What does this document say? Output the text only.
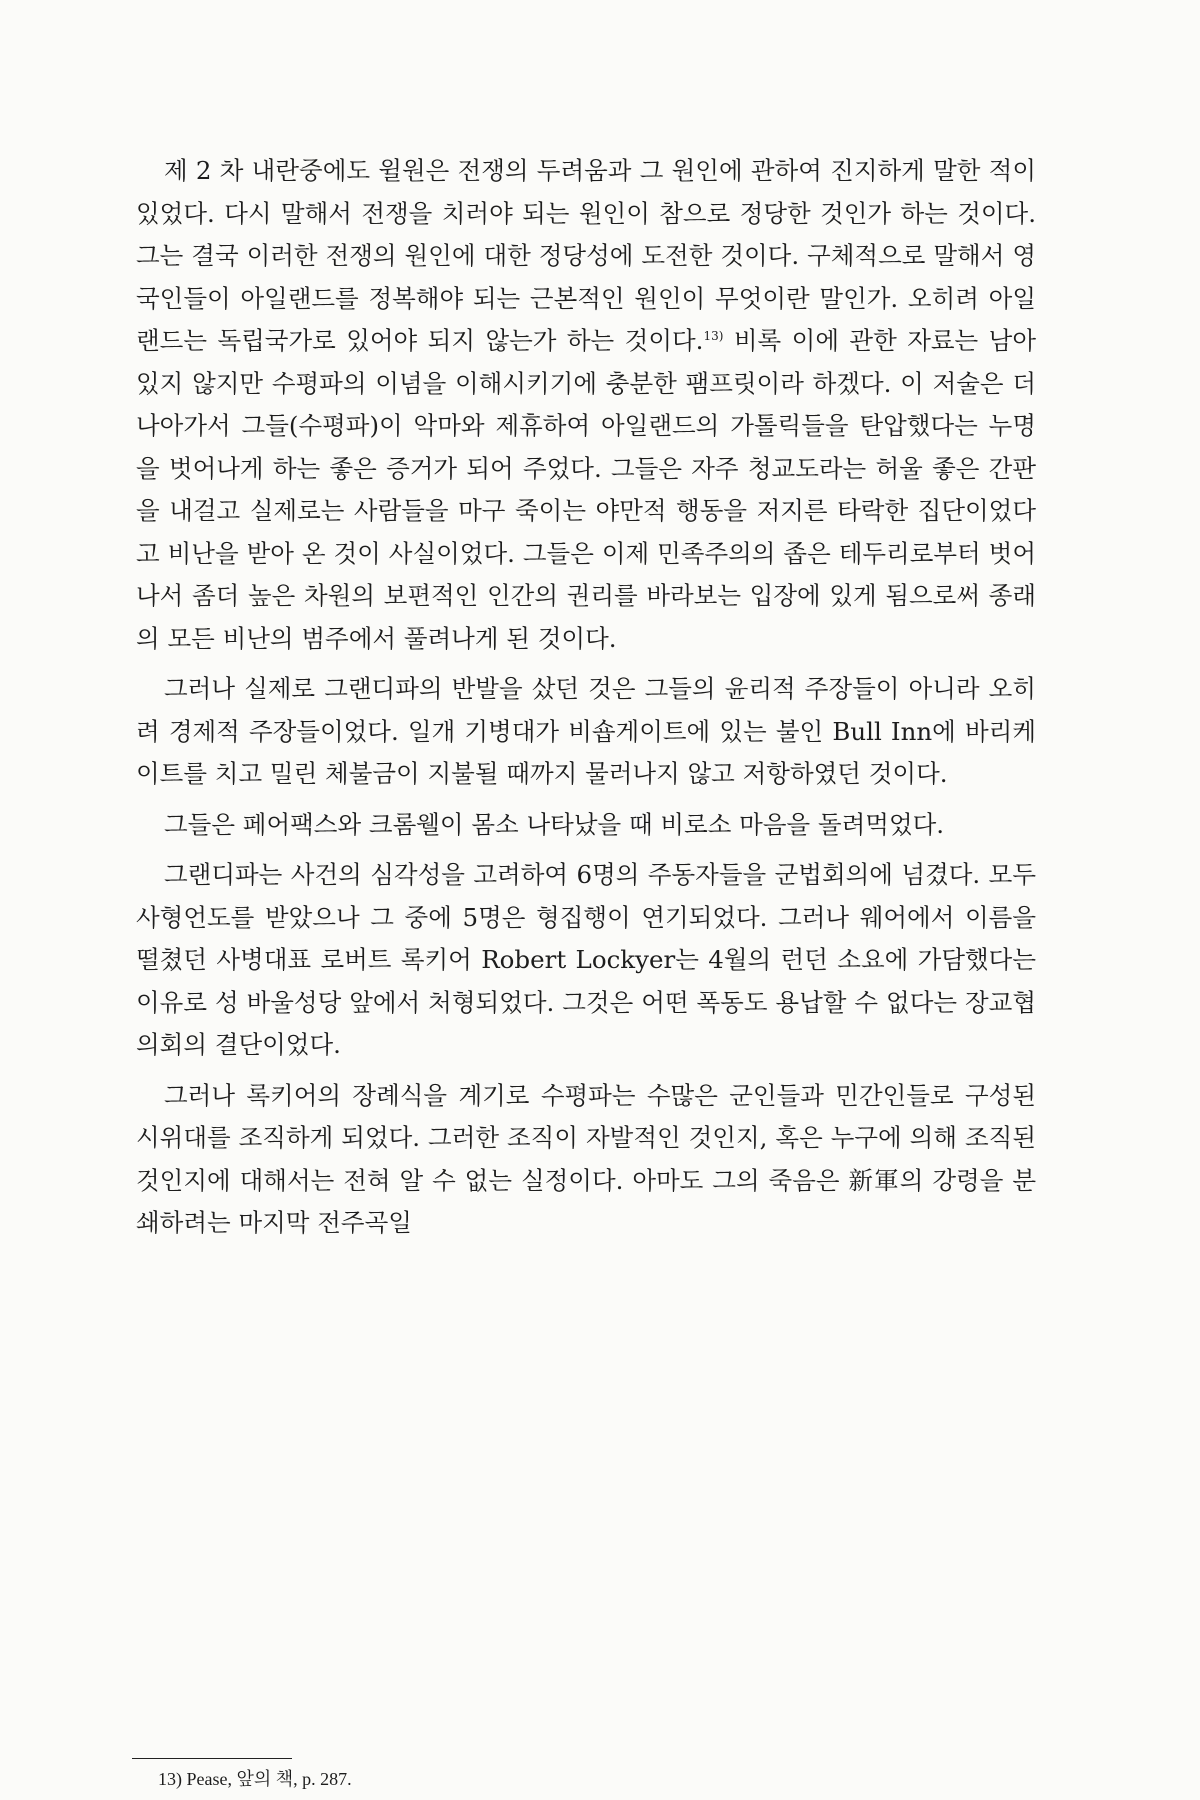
제 2 차 내란중에도 윌원은 전쟁의 두려움과 그 원인에 관하여 진지하게 말한 적이 있었다. 다시 말해서 전쟁을 치러야 되는 원인이 참으로 정당한 것인가 하는 것이다. 그는 결국 이러한 전쟁의 원인에 대한 정당성에 도전한 것이다. 구체적으로 말해서 영국인들이 아일랜드를 정복해야 되는 근본적인 원인이 무엇이란 말인가. 오히려 아일랜드는 독립국가로 있어야 되지 않는가 하는 것이다.$^{13)}$ 비록 이에 관한 자료는 남아 있지 않지만 수평파의 이념을 이해시키기에 충분한 팸프릿이라 하겠다. 이 저술은 더 나아가서 그들(수평파)이 악마와 제휴하여 아일랜드의 가톨릭들을 탄압했다는 누명을 벗어나게 하는 좋은 증거가 되어 주었다. 그들은 자주 청교도라는 허울 좋은 간판을 내걸고 실제로는 사람들을 마구 죽이는 야만적 행동을 저지른 타락한 집단이었다고 비난을 받아 온 것이 사실이었다. 그들은 이제 민족주의의 좁은 테두리로부터 벗어나서 좀더 높은 차원의 보편적인 인간의 권리를 바라보는 입장에 있게 됨으로써 종래의 모든 비난의 범주에서 풀려나게 된 것이다.

그러나 실제로 그랜디파의 반발을 샀던 것은 그들의 윤리적 주장들이 아니라 오히려 경제적 주장들이었다. 일개 기병대가 비숍게이트에 있는 불인 Bull Inn에 바리케이트를 치고 밀린 체불금이 지불될 때까지 물러나지 않고 저항하였던 것이다.

그들은 페어팩스와 크롬웰이 몸소 나타났을 때 비로소 마음을 돌려먹었다.

그랜디파는 사건의 심각성을 고려하여 6명의 주동자들을 군법회의에 넘겼다. 모두 사형언도를 받았으나 그 중에 5명은 형집행이 연기되었다. 그러나 웨어에서 이름을 떨쳤던 사병대표 로버트 록키어 Robert Lockyer는 4월의 런던 소요에 가담했다는 이유로 성 바울성당 앞에서 처형되었다. 그것은 어떤 폭동도 용납할 수 없다는 장교협의회의 결단이었다.

그러나 록키어의 장례식을 계기로 수평파는 수많은 군인들과 민간인들로 구성된 시위대를 조직하게 되었다. 그러한 조직이 자발적인 것인지, 혹은 누구에 의해 조직된 것인지에 대해서는 전혀 알 수 없는 실정이다. 아마도 그의 죽음은 新軍의 강령을 분쇄하려는 마지막 전주곡일

13) Pease, 앞의 책, p. 287.
